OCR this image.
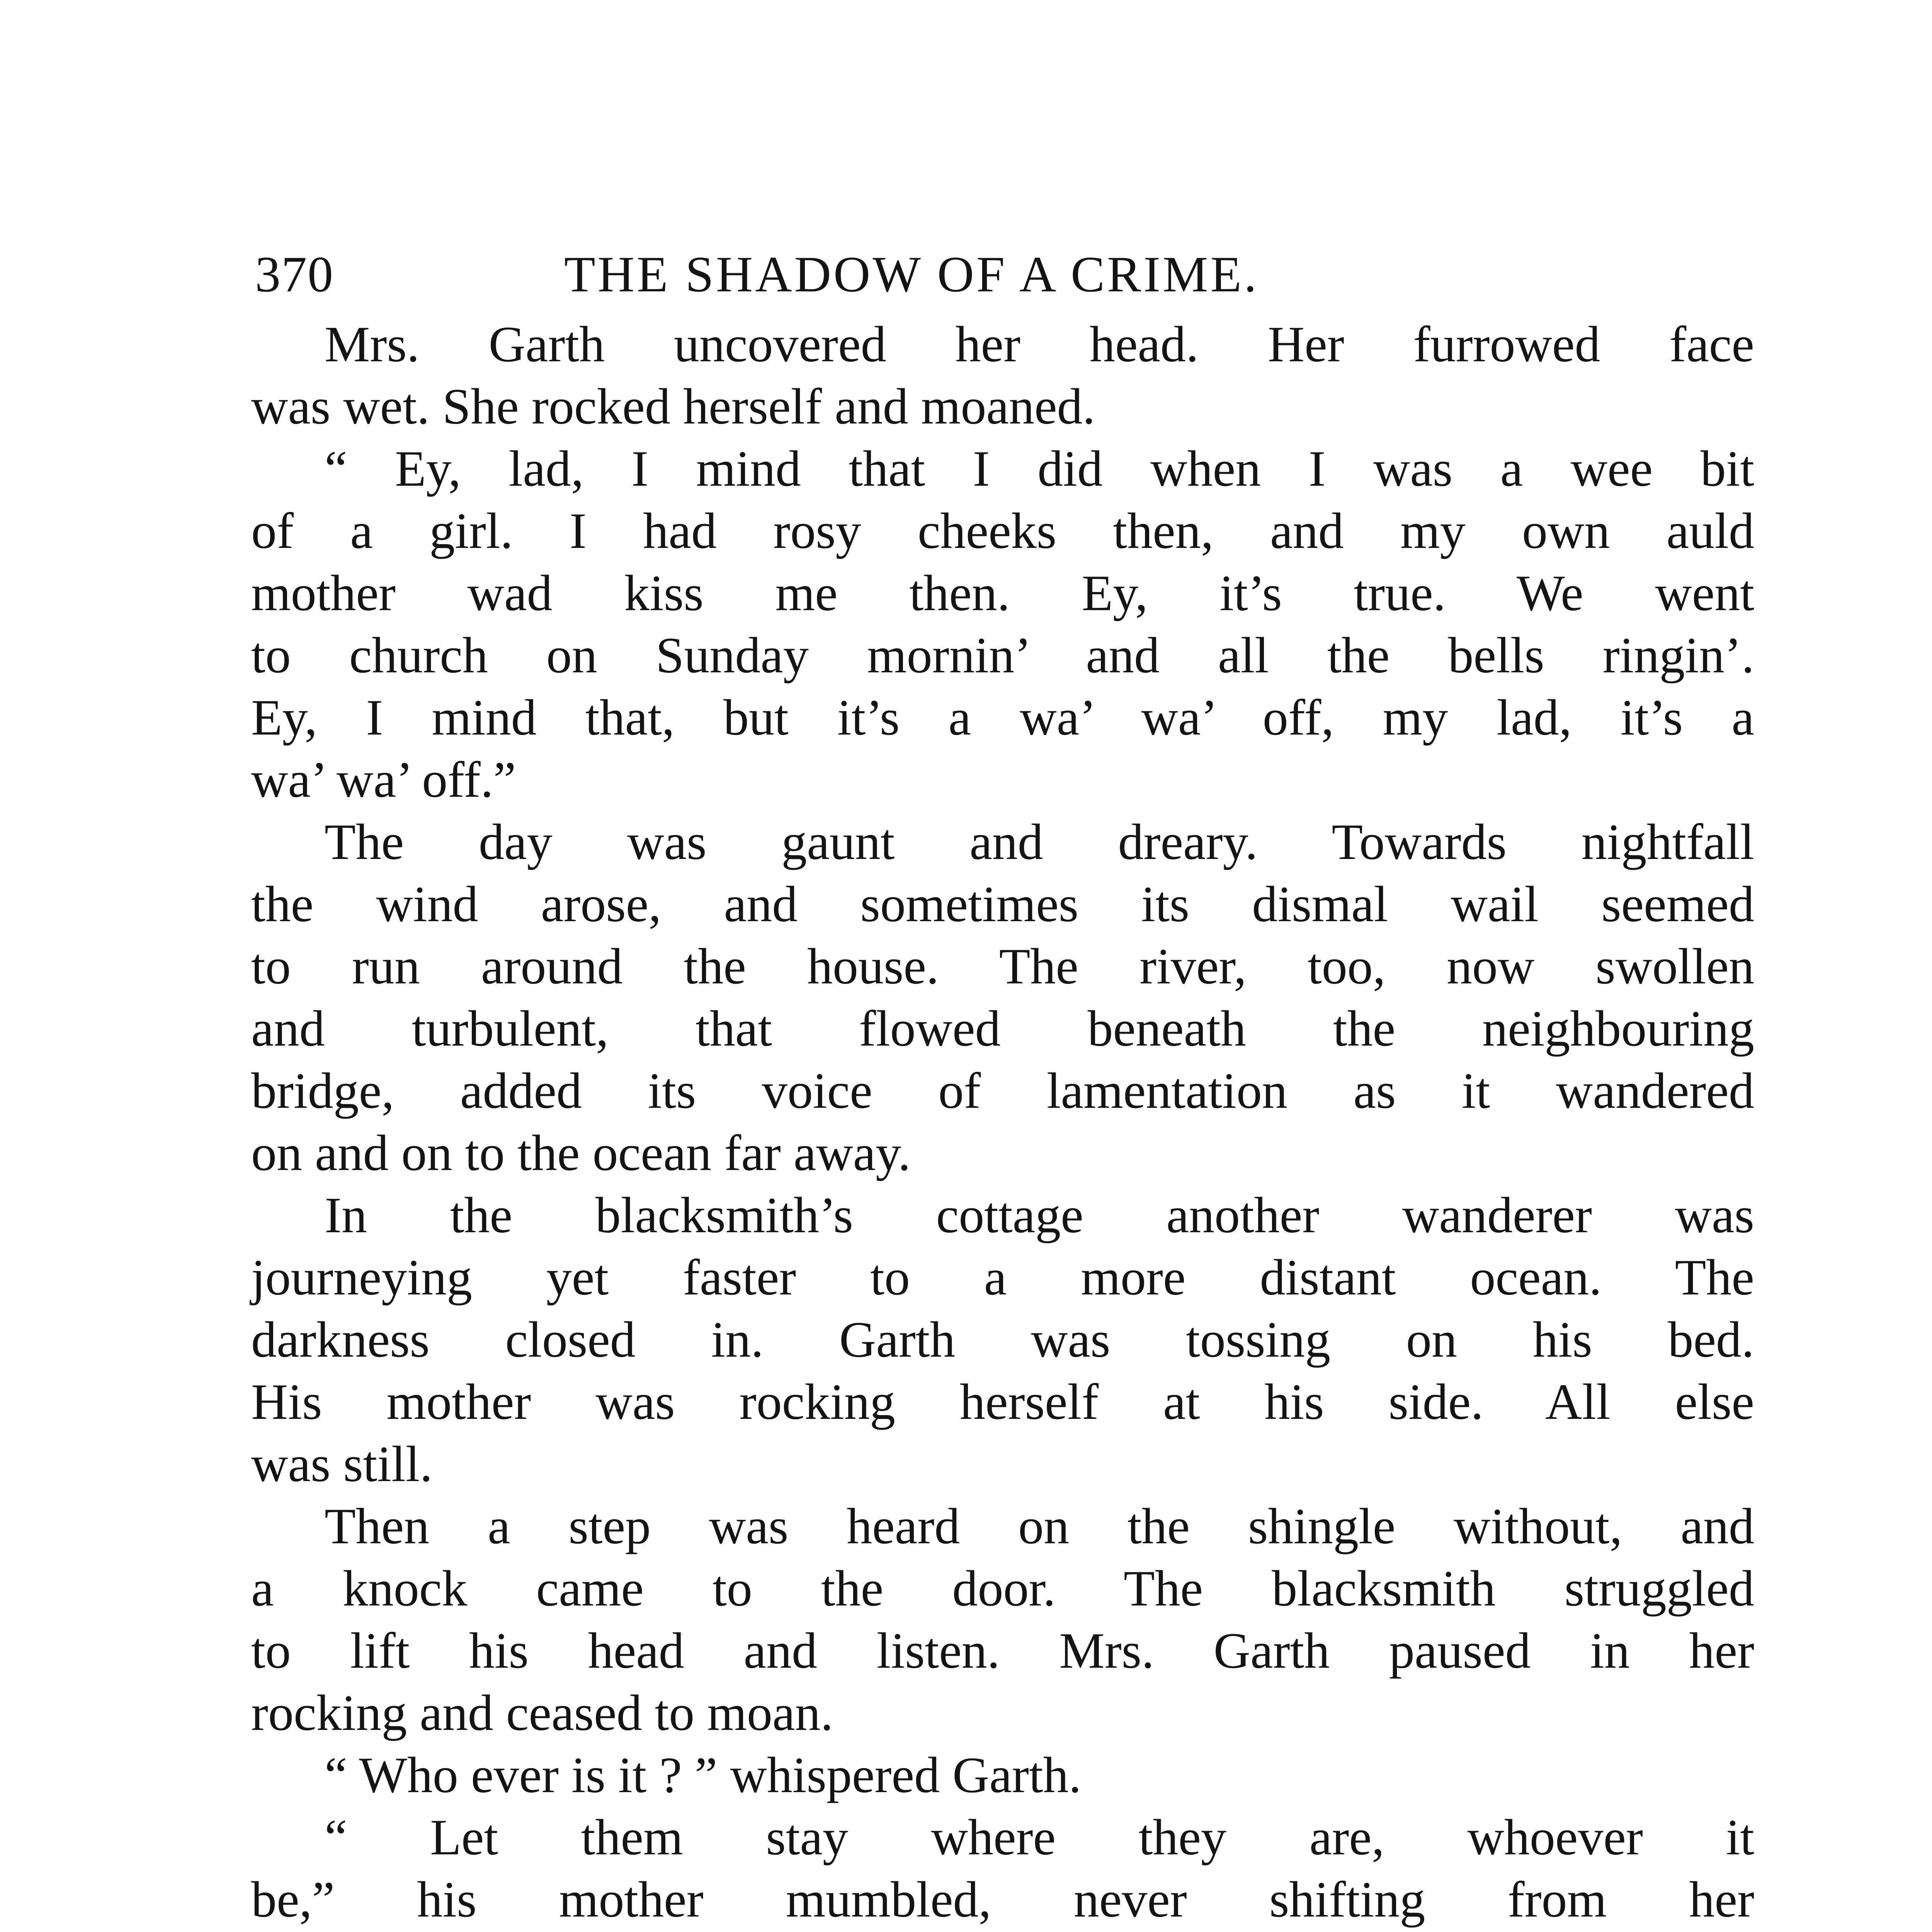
370	THE SHADOW OF A CRIME.

Mrs. Garth uncovered her head. Her furrowed face
was wet. She rocked herself and moaned.

“ Ey, lad, I mind that I did when I was a wee bit
of a girl. I had rosy cheeks then, and my own auld
mother wad kiss me then. Ey, it’s true. We went
to church on Sunday mornin’ and all the bells ringin’.
Ey, I mind that, but it’s a wa’ wa’ off, my lad, it’s a
wa’ wa’ off.”

The day was gaunt and dreary. Towards nightfall
the wind arose, and sometimes its dismal wail seemed
to run around the house. The river, too, now swollen
and turbulent, that flowed beneath the neighbouring
bridge, added its voice of lamentation as it wandered
on and on to the ocean far away.

In the blacksmith’s cottage another wanderer was
journeying yet faster to a more distant ocean. The
darkness closed in. Garth was tossing on his bed.
His mother was rocking herself at his side. All else
was still.

Then a step was heard on the shingle without, and
a knock came to the door. The blacksmith struggled
to lift his head and listen. Mrs. Garth paused in her
rocking and ceased to moan.

“ Who ever is it ? ” whispered Garth.

“ Let them stay where they are, whoever it
be,” his mother mumbled, never shifting from her
